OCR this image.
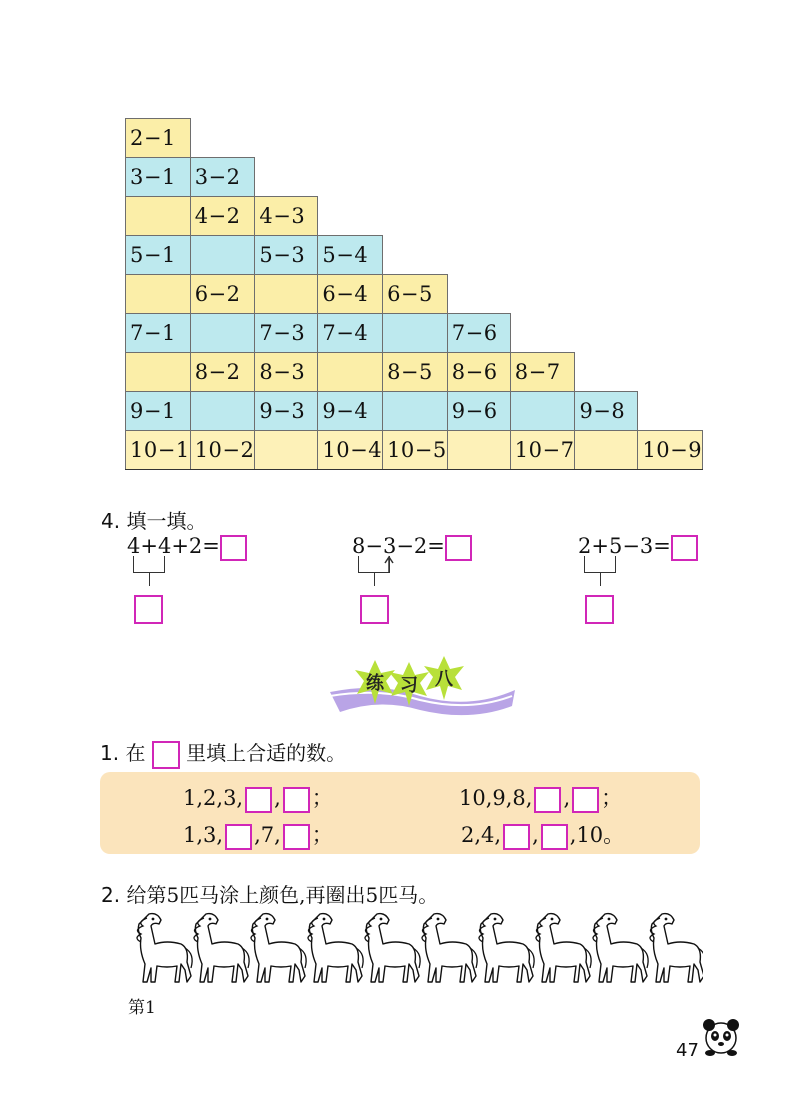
2−1								
3−1	3−2							
	4−2	4−3						
5−1		5−3	5−4					
	6−2		6−4	6−5				
7−1		7−3	7−4		7−6			
	8−2	8−3		8−5	8−6	8−7		
9−1		9−3	9−4		9−6		9−8	
10−1	10−2		10−4	10−5		10−7		10−9
4. 填一填。
4+4+2=	8−3−2=	2+5−3=
练 习 八
1. 在 里填上合适的数。
1,2,3, , ；	10,9,8, , ；
1,3, ,7, ；	2,4, , ,10。
2. 给第5匹马涂上颜色,再圈出5匹马。
第1
47
